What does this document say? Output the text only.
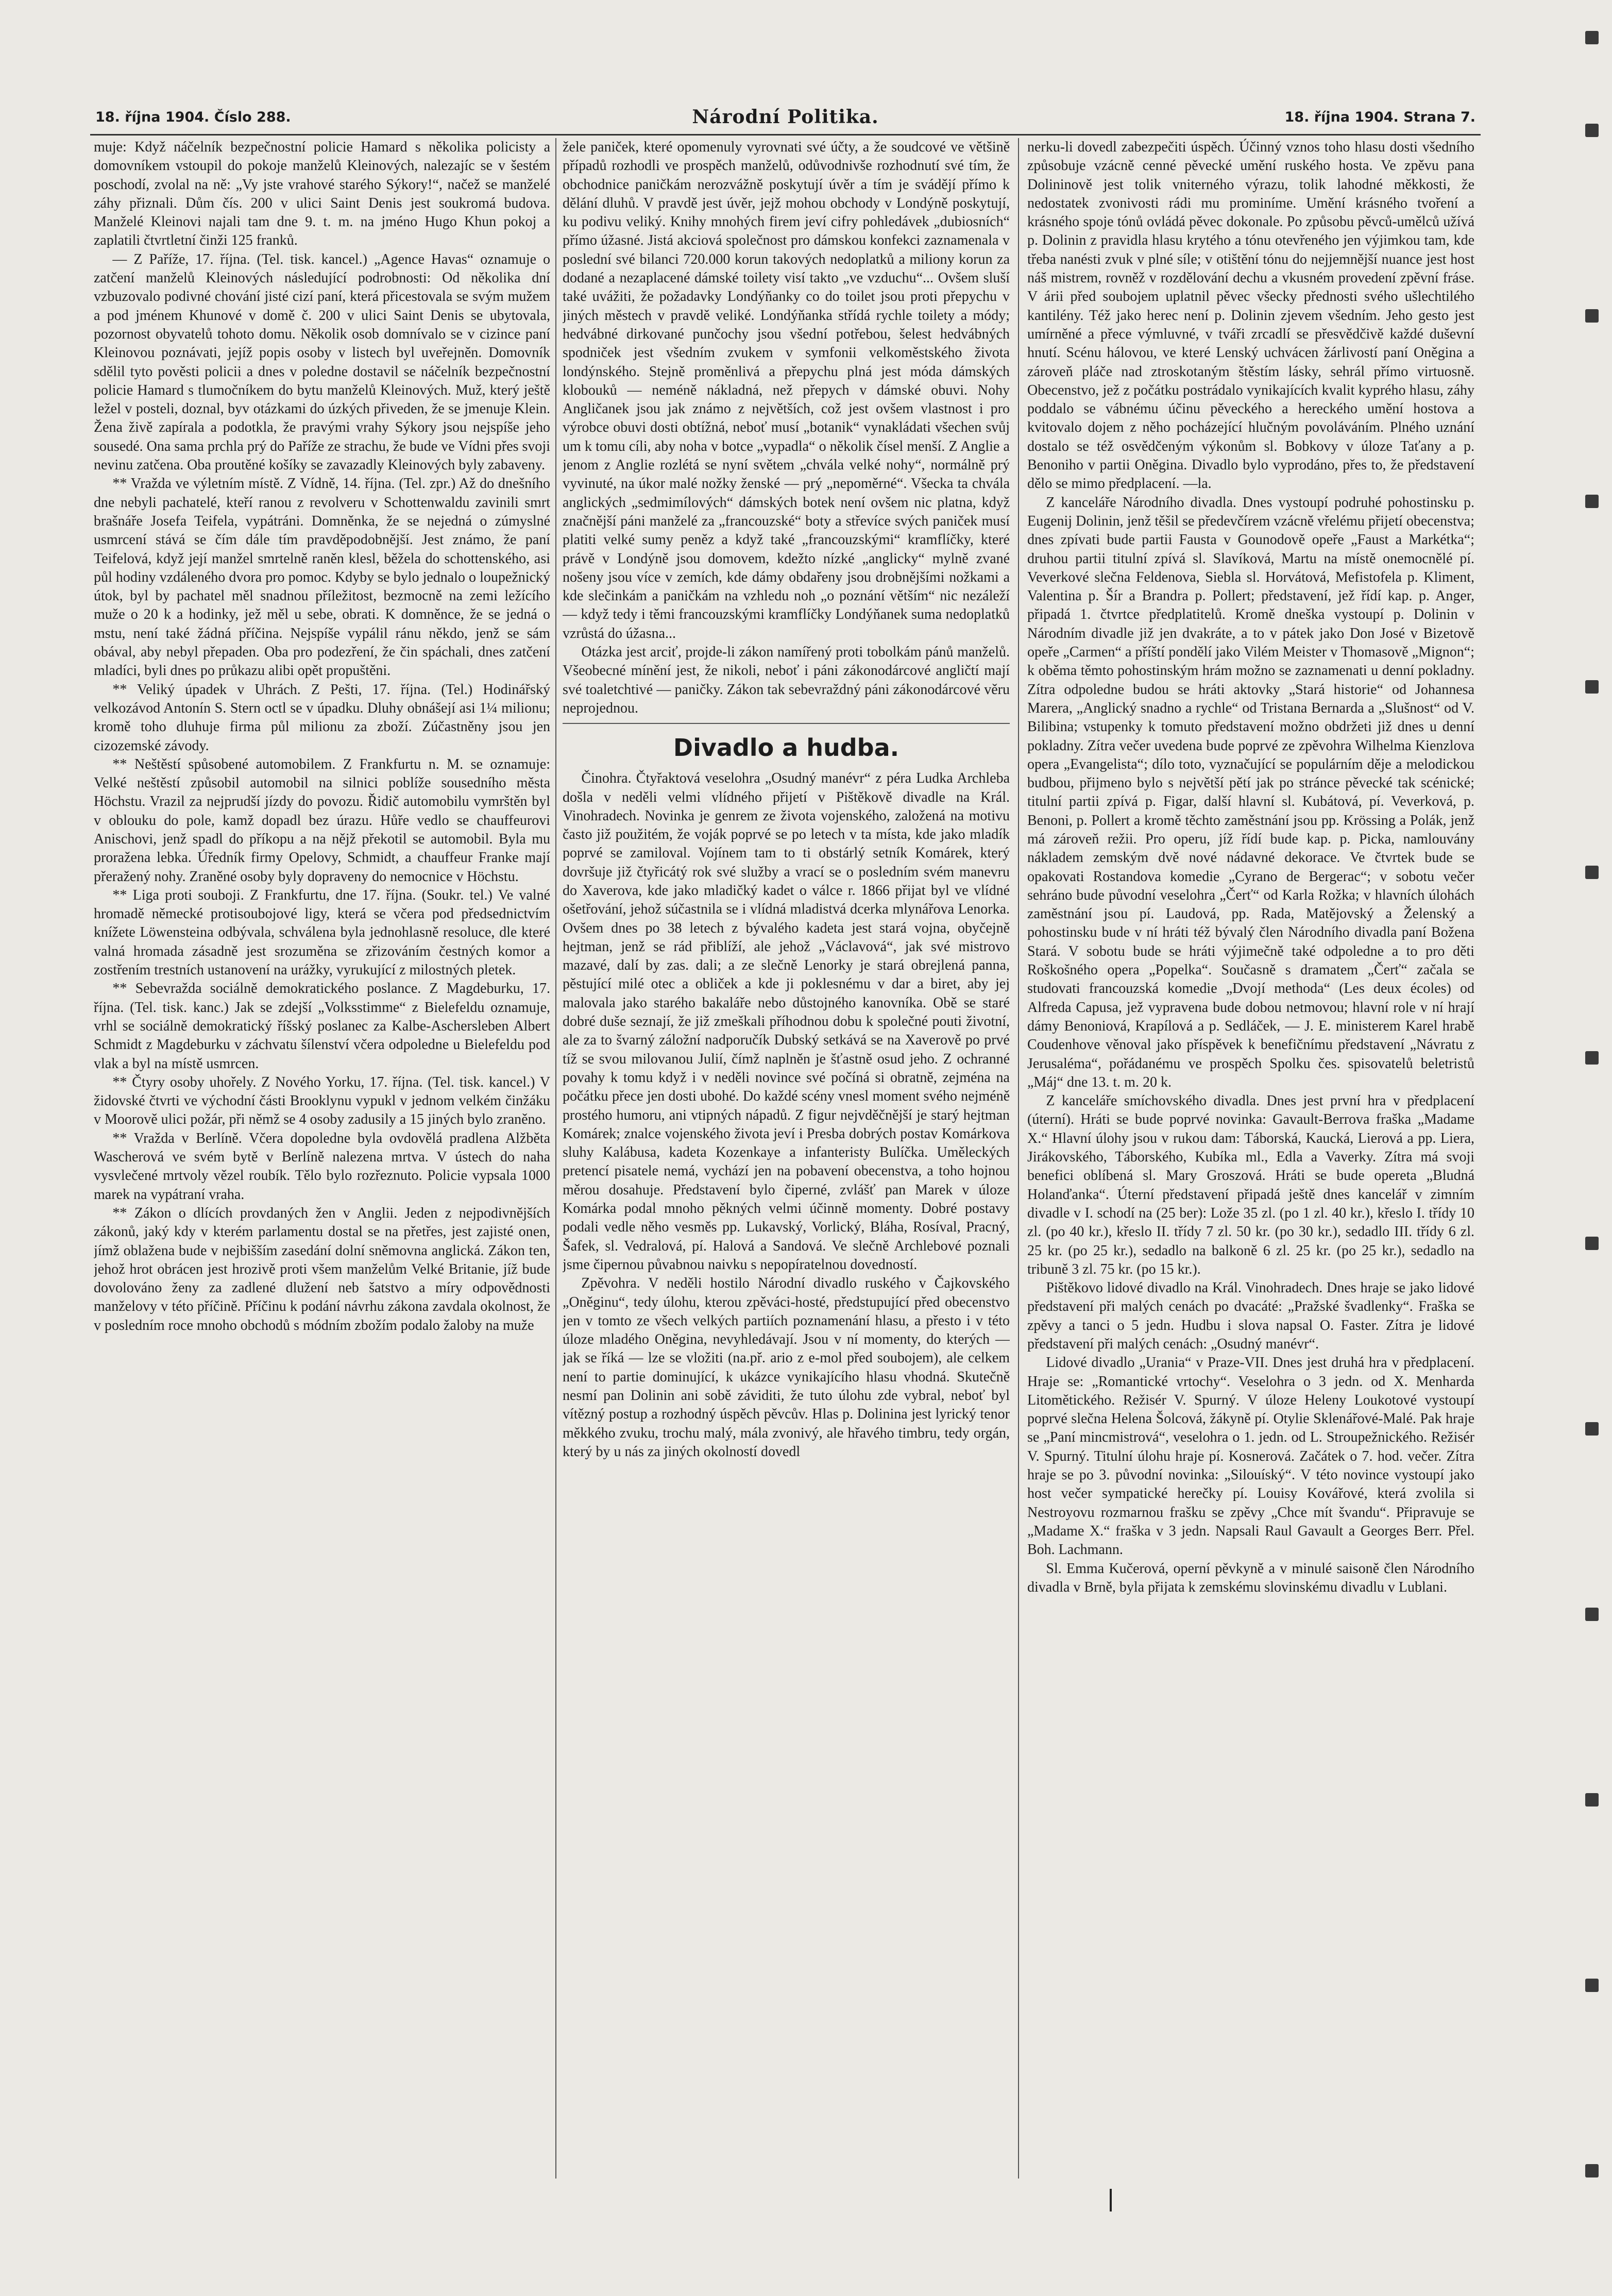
18. října 1904. Číslo 288.	Národní Politika.	18. října 1904. Strana 7.

muje: Když náčelník bezpečnostní policie Hamard s několika policisty a domovníkem vstoupil do pokoje manželů Kleinových, nalezajíc se v šestém poschodí, zvolal na ně: „Vy jste vrahové starého Sýkory!“, načež se manželé záhy přiznali. Dům čís. 200 v ulici Saint Denis jest soukromá budova. Manželé Kleinovi najali tam dne 9. t. m. na jméno Hugo Khun pokoj a zaplatili čtvrtletní činži 125 franků.

— Z Paříže, 17. října. (Tel. tisk. kancel.) „Agence Havas“ oznamuje o zatčení manželů Kleinových následující podrobnosti: Od několika dní vzbuzovalo podivné chování jisté cizí paní, která přicestovala se svým mužem a pod jménem Khunové v domě č. 200 v ulici Saint Denis se ubytovala, pozornost obyvatelů tohoto domu. Několik osob domnívalo se v cizince paní Kleinovou poznávati, jejíž popis osoby v listech byl uveřejněn. Domovník sdělil tyto pověsti policii a dnes v poledne dostavil se náčelník bezpečnostní policie Hamard s tlumočníkem do bytu manželů Kleinových. Muž, který ještě ležel v posteli, doznal, byv otázkami do úzkých přiveden, že se jmenuje Klein. Žena živě zapírala a podotkla, že pravými vrahy Sýkory jsou nejspíše jeho sousedé. Ona sama prchla prý do Paříže ze strachu, že bude ve Vídni přes svoji nevinu zatčena. Oba proutěné košíky se zavazadly Kleinových byly zabaveny.

** Vražda ve výletním místě. Z Vídně, 14. října. (Tel. zpr.) Až do dnešního dne nebyli pachatelé, kteří ranou z revolveru v Schottenwaldu zavinili smrt brašnáře Josefa Teifela, vypátráni. Domněnka, že se nejedná o zúmyslné usmrcení stává se čím dále tím pravděpodobnější. Jest známo, že paní Teifelová, když její manžel smrtelně raněn klesl, běžela do schottenského, asi půl hodiny vzdáleného dvora pro pomoc. Kdyby se bylo jednalo o loupežnický útok, byl by pachatel měl snadnou příležitost, bezmocně na zemi ležícího muže o 20 k a hodinky, jež měl u sebe, obrati. K domněnce, že se jedná o mstu, není také žádná příčina. Nejspíše vypálil ránu někdo, jenž se sám obával, aby nebyl přepaden. Oba pro podezření, že čin spáchali, dnes zatčení mladíci, byli dnes po průkazu alibi opět propuštěni.

** Veliký úpadek v Uhrách. Z Pešti, 17. října. (Tel.) Hodinářský velkozávod Antonín S. Stern octl se v úpadku. Dluhy obnášejí asi 1¼ milionu; kromě toho dluhuje firma půl milionu za zboží. Zúčastněny jsou jen cizozemské závody.

** Neštěstí spůsobené automobilem. Z Frankfurtu n. M. se oznamuje: Velké neštěstí způsobil automobil na silnici poblíže sousedního města Höchstu. Vrazil za nejprudší jízdy do povozu. Řidič automobilu vymrštěn byl v oblouku do pole, kamž dopadl bez úrazu. Hůře vedlo se chauffeurovi Anischovi, jenž spadl do příkopu a na nějž překotil se automobil. Byla mu proražena lebka. Úředník firmy Opelovy, Schmidt, a chauffeur Franke mají přeražený nohy. Zraněné osoby byly dopraveny do nemocnice v Höchstu.

** Liga proti souboji. Z Frankfurtu, dne 17. října. (Soukr. tel.) Ve valné hromadě německé protisoubojové ligy, která se včera pod předsednictvím knížete Löwensteina odbývala, schválena byla jednohlasně resoluce, dle které valná hromada zásadně jest srozuměna se zřizováním čestných komor a zostřením trestních ustanovení na urážky, vyrukující z milostných pletek.

** Sebevražda sociálně demokratického poslance. Z Magdeburku, 17. října. (Tel. tisk. kanc.) Jak se zdejší „Volksstimme“ z Bielefeldu oznamuje, vrhl se sociálně demokratický říšský poslanec za Kalbe-Aschersleben Albert Schmidt z Magdeburku v záchvatu šílenství včera odpoledne u Bielefeldu pod vlak a byl na místě usmrcen.

** Čtyry osoby uhořely. Z Nového Yorku, 17. října. (Tel. tisk. kancel.) V židovské čtvrti ve východní části Brooklynu vypukl v jednom velkém činžáku v Moorově ulici požár, při němž se 4 osoby zadusily a 15 jiných bylo zraněno.

** Vražda v Berlíně. Včera dopoledne byla ovdovělá pradlena Alžběta Wascherová ve svém bytě v Berlíně nalezena mrtva. V ústech do naha vysvlečené mrtvoly vězel roubík. Tělo bylo rozřeznuto. Policie vypsala 1000 marek na vypátraní vraha.

** Zákon o dlících provdaných žen v Anglii. Jeden z nejpodivnějších zákonů, jaký kdy v kterém parlamentu dostal se na přetřes, jest zajisté onen, jímž oblažena bude v nejbišším zasedání dolní sněmovna anglická. Zákon ten, jehož hrot obrácen jest hrozivě proti všem manželům Velké Britanie, jíž bude dovolováno ženy za zadlené dlužení neb šatstvo a míry odpovědnosti manželovy v této příčině. Příčinu k podání návrhu zákona zavdala okolnost, že v posledním roce mnoho obchodů s módním zbožím podalo žaloby na muže

žele paniček, které opomenuly vyrovnati své účty, a že soudcové ve většině případů rozhodli ve prospěch manželů, odůvodnivše rozhodnutí své tím, že obchodnice paničkám nerozvážně poskytují úvěr a tím je svádějí přímo k dělání dluhů. V pravdě jest úvěr, jejž mohou obchody v Londýně poskytují, ku podivu veliký. Knihy mnohých firem jeví cifry pohledávek „dubiosních“ přímo úžasné. Jistá akciová společnost pro dámskou konfekci zaznamenala v poslední své bilanci 720.000 korun takových nedoplatků a miliony korun za dodané a nezaplacené dámské toilety visí takto „ve vzduchu“... Ovšem sluší také uvážiti, že požadavky Londýňanky co do toilet jsou proti přepychu v jiných městech v pravdě veliké. Londýňanka střídá rychle toilety a módy; hedvábné dirkované punčochy jsou všední potřebou, šelest hedvábných spodniček jest všedním zvukem v symfonii velkoměstského života londýnského. Stejně proměnlivá a přepychu plná jest móda dámských klobouků — neméně nákladná, než přepych v dámské obuvi. Nohy Angličanek jsou jak známo z největších, což jest ovšem vlastnost i pro výrobce obuvi dosti obtížná, neboť musí „botanik“ vynakládati všechen svůj um k tomu cíli, aby noha v botce „vypadla“ o několik čísel menší. Z Anglie a jenom z Anglie rozlétá se nyní světem „chvála velké nohy“, normálně prý vyvinuté, na úkor malé nožky ženské — prý „nepoměrné“. Všecka ta chvála anglických „sedmimílových“ dámských botek není ovšem nic platna, když značnější páni manželé za „francouzské“ boty a střevíce svých paniček musí platiti velké sumy peněz a když také „francouzskými“ kramflíčky, které právě v Londýně jsou domovem, kdežto nízké „anglicky“ mylně zvané nošeny jsou více v zemích, kde dámy obdařeny jsou drobnějšími nožkami a kde slečinkám a paničkám na vzhledu noh „o poznání větším“ nic nezáleží — když tedy i těmi francouzskými kramflíčky Londýňanek suma nedoplatků vzrůstá do úžasna...

Otázka jest arciť, projde-li zákon namířený proti tobolkám pánů manželů. Všeobecné mínění jest, že nikoli, neboť i páni zákonodárcové angličtí mají své toaletchtivé — paničky. Zákon tak sebevraždný páni zákonodárcové věru neprojednou.

Divadlo a hudba.

Činohra. Čtyřaktová veselohra „Osudný manévr“ z péra Ludka Archleba došla v neděli velmi vlídného přijetí v Pištěkově divadle na Král. Vinohradech. Novinka je genrem ze života vojenského, založená na motivu často již použitém, že voják poprvé se po letech v ta místa, kde jako mladík poprvé se zamiloval. Vojínem tam to ti obstárlý setník Komárek, který dovršuje již čtyřicátý rok své služby a vrací se o posledním svém manevru do Xaverova, kde jako mladičký kadet o válce r. 1866 přijat byl ve vlídné ošetřování, jehož súčastnila se i vlídná mladistvá dcerka mlynářova Lenorka. Ovšem dnes po 38 letech z bývalého kadeta jest stará vojna, obyčejně hejtman, jenž se rád přiblíží, ale jehož „Václavová“, jak své mistrovo mazavé, dalí by zas. dali; a ze slečně Lenorky je stará obrejlená panna, pěstující milé otec a obliček a kde ji poklesnému v dar a biret, aby jej malovala jako starého bakaláře nebo důstojného kanovníka. Obě se staré dobré duše seznají, že již zmeškali příhodnou dobu k společné pouti životní, ale za to švarný záložní nadporučík Dubský setkává se na Xaverově po prvé tíž se svou milovanou Julií, čímž naplněn je šťastně osud jeho. Z ochranné povahy k tomu když i v neděli novince své počíná si obratně, zejména na počátku přece jen dosti ubohé. Do každé scény vnesl moment svého nejméně prostého humoru, ani vtipných nápadů. Z figur nejvděčnější je starý hejtman Komárek; znalce vojenského života jeví i Presba dobrých postav Komárkova sluhy Kalábusa, kadeta Kozenkaye a infanteristy Bulíčka. Uměleckých pretencí pisatele nemá, vychází jen na pobavení obecenstva, a toho hojnou měrou dosahuje. Představení bylo čiperné, zvlášť pan Marek v úloze Komárka podal mnoho pěkných velmi účinně momenty. Dobré postavy podali vedle něho vesměs pp. Lukavský, Vorlický, Bláha, Rosíval, Pracný, Šafek, sl. Vedralová, pí. Halová a Sandová. Ve slečně Archlebové poznali jsme čipernou půvabnou naivku s nepopíratelnou dovedností.

Zpěvohra. V neděli hostilo Národní divadlo ruského v Čajkovského „Oněginu“, tedy úlohu, kterou zpěváci-hosté, předstupující před obecenstvo jen v tomto ze všech velkých partiích poznamenání hlasu, a přesto i v této úloze mladého Oněgina, nevyhledávají. Jsou v ní momenty, do kterých — jak se říká — lze se vložiti (na.př. ario z e-mol před soubojem), ale celkem není to partie dominující, k ukázce vynikajícího hlasu vhodná. Skutečně nesmí pan Dolinin ani sobě záviditi, že tuto úlohu zde vybral, neboť byl vítězný postup a rozhodný úspěch pěvcův. Hlas p. Dolinina jest lyrický tenor měkkého zvuku, trochu malý, mála zvonivý, ale hřavého timbru, tedy orgán, který by u nás za jiných okolností dovedl

nerku-li dovedl zabezpečiti úspěch. Účinný vznos toho hlasu dosti všedního způsobuje vzácně cenné pěvecké umění ruského hosta. Ve zpěvu pana Dolininově jest tolik vniterného výrazu, tolik lahodné měkkosti, že nedostatek zvonivosti rádi mu prominíme. Umění krásného tvoření a krásného spoje tónů ovládá pěvec dokonale. Po způsobu pěvců-umělců užívá p. Dolinin z pravidla hlasu krytého a tónu otevřeného jen výjimkou tam, kde třeba nanésti zvuk v plné síle; v otištění tónu do nejjemnější nuance jest host náš mistrem, rovněž v rozdělování dechu a vkusném provedení zpěvní fráse. V árii před soubojem uplatnil pěvec všecky přednosti svého ušlechtilého kantilény. Též jako herec není p. Dolinin zjevem všedním. Jeho gesto jest umírněné a přece výmluvné, v tváři zrcadlí se přesvědčivě každé duševní hnutí. Scénu hálovou, ve které Lenský uchvácen žárlivostí paní Oněgina a zároveň pláče nad ztroskotaným štěstím lásky, sehrál přímo virtuosně. Obecenstvo, jež z počátku postrádalo vynikajících kvalit kyprého hlasu, záhy poddalo se vábnému účinu pěveckého a hereckého umění hostova a kvitovalo dojem z něho pocházející hlučným povoláváním. Plného uznání dostalo se též osvědčeným výkonům sl. Bobkovy v úloze Taťany a p. Benoniho v partii Oněgina. Divadlo bylo vyprodáno, přes to, že představení dělo se mimo předplacení. —la.

Z kanceláře Národního divadla. Dnes vystoupí podruhé pohostinsku p. Eugenij Dolinin, jenž těšil se předevčírem vzácně vřelému přijetí obecenstva; dnes zpívati bude partii Fausta v Gounodově opeře „Faust a Markétka“; druhou partii titulní zpívá sl. Slavíková, Martu na místě onemocnělé pí. Veverkové slečna Feldenova, Siebla sl. Horvátová, Mefistofela p. Kliment, Valentina p. Šír a Brandra p. Pollert; představení, jež řídí kap. p. Anger, připadá 1. čtvrtce předplatitelů. Kromě dneška vystoupí p. Dolinin v Národním divadle již jen dvakráte, a to v pátek jako Don José v Bizetově opeře „Carmen“ a příští pondělí jako Vilém Meister v Thomasově „Mignon“; k oběma těmto pohostinským hrám možno se zaznamenati u denní pokladny. Zítra odpoledne budou se hráti aktovky „Stará historie“ od Johannesa Marera, „Anglický snadno a rychle“ od Tristana Bernarda a „Slušnost“ od V. Bilibina; vstupenky k tomuto představení možno obdržeti již dnes u denní pokladny. Zítra večer uvedena bude poprvé ze zpěvohra Wilhelma Kienzlova opera „Evangelista“; dílo toto, vyznačující se populárním děje a melodickou budbou, přijmeno bylo s největší pětí jak po stránce pěvecké tak scénické; titulní partii zpívá p. Figar, další hlavní sl. Kubátová, pí. Veverková, p. Benoni, p. Pollert a kromě těchto zaměstnání jsou pp. Krössing a Polák, jenž má zároveň režii. Pro operu, jíž řídí bude kap. p. Picka, namlouvány nákladem zemským dvě nové nádavné dekorace. Ve čtvrtek bude se opakovati Rostandova komedie „Cyrano de Bergerac“; v sobotu večer sehráno bude původní veselohra „Čerť“ od Karla Rožka; v hlavních úlohách zaměstnání jsou pí. Laudová, pp. Rada, Matějovský a Želenský a pohostinsku bude v ní hráti též bývalý člen Národního divadla paní Božena Stará. V sobotu bude se hráti výjimečně také odpoledne a to pro děti Roškošného opera „Popelka“. Současně s dramatem „Čerť“ začala se studovati francouzská komedie „Dvojí methoda“ (Les deux écoles) od Alfreda Capusa, jež vypravena bude dobou netmovou; hlavní role v ní hrají dámy Benoniová, Krapílová a p. Sedláček, — J. E. ministerem Karel hrabě Coudenhove věnoval jako příspěvek k benefičnímu představení „Návratu z Jerusaléma“, pořádanému ve prospěch Spolku čes. spisovatelů beletristů „Máj“ dne 13. t. m. 20 k.

Z kanceláře smíchovského divadla. Dnes jest první hra v předplacení (úterní). Hráti se bude poprvé novinka: Gavault-Berrova fraška „Madame X.“ Hlavní úlohy jsou v rukou dam: Táborská, Kaucká, Lierová a pp. Liera, Jirákovského, Táborského, Kubíka ml., Edla a Vaverky. Zítra má svoji benefici oblíbená sl. Mary Groszová. Hráti se bude opereta „Bludná Holanďanka“. Úterní představení připadá ještě dnes kancelář v zimním divadle v I. schodí na (25 ber): Lože 35 zl. (po 1 zl. 40 kr.), křeslo I. třídy 10 zl. (po 40 kr.), křeslo II. třídy 7 zl. 50 kr. (po 30 kr.), sedadlo III. třídy 6 zl. 25 kr. (po 25 kr.), sedadlo na balkoně 6 zl. 25 kr. (po 25 kr.), sedadlo na tribuně 3 zl. 75 kr. (po 15 kr.).

Pištěkovo lidové divadlo na Král. Vinohradech. Dnes hraje se jako lidové představení při malých cenách po dvacáté: „Pražské švadlenky“. Fraška se zpěvy a tanci o 5 jedn. Hudbu i slova napsal O. Faster. Zítra je lidové představení při malých cenách: „Osudný manévr“.

Lidové divadlo „Urania“ v Praze-VII. Dnes jest druhá hra v předplacení. Hraje se: „Romantické vrtochy“. Veselohra o 3 jedn. od X. Menharda Litomětického. Režisér V. Spurný. V úloze Heleny Loukotové vystoupí poprvé slečna Helena Šolcová, žákyně pí. Otylie Sklenářové-Malé. Pak hraje se „Paní mincmistrová“, veselohra o 1. jedn. od L. Stroupežnického. Režisér V. Spurný. Titulní úlohu hraje pí. Kosnerová. Začátek o 7. hod. večer. Zítra hraje se po 3. původní novinka: „Silouíský“. V této novince vystoupí jako host večer sympatické herečky pí. Louisy Kovářové, která zvolila si Nestroyovu rozmarnou frašku se zpěvy „Chce mít švandu“. Připravuje se „Madame X.“ fraška v 3 jedn. Napsali Raul Gavault a Georges Berr. Přel. Boh. Lachmann.

Sl. Emma Kučerová, operní pěvkyně a v minulé saisoně člen Národního divadla v Brně, byla přijata k zemskému slovinskému divadlu v Lublani.
